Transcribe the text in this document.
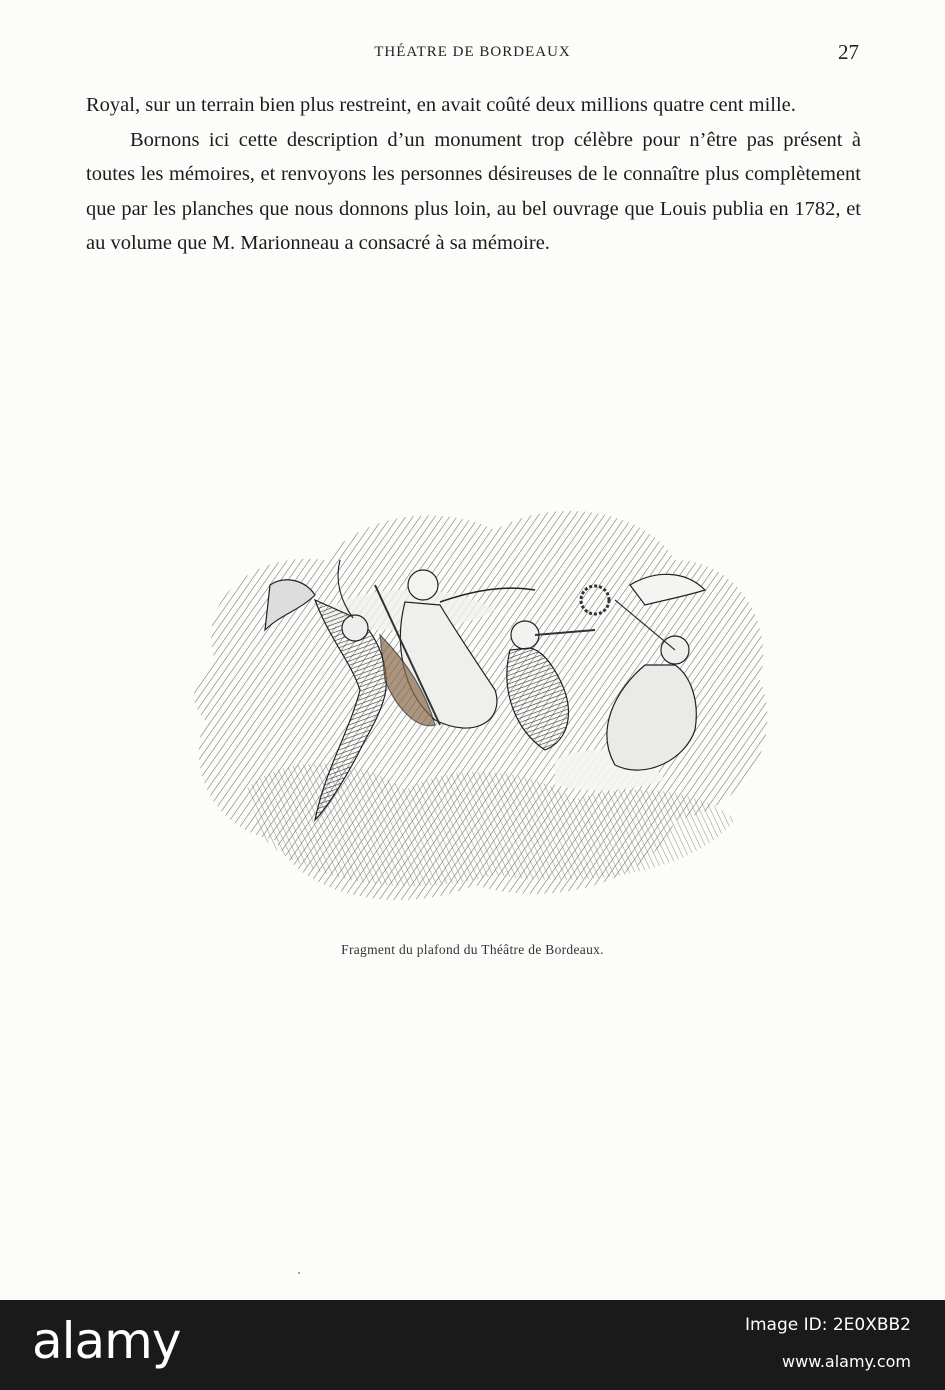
THÉATRE DE BORDEAUX	27

Royal, sur un terrain bien plus restreint, en avait coûté deux millions quatre cent mille.

Bornons ici cette description d’un monument trop célèbre pour n’être pas présent à toutes les mémoires, et renvoyons les personnes désireuses de le connaître plus complètement que par les planches que nous donnons plus loin, au bel ouvrage que Louis publia en 1782, et au volume que M. Marionneau a consacré à sa mémoire.

Fragment du plafond du Théâtre de Bordeaux.
alamy	Image ID: 2E0XBB2
www.alamy.com
